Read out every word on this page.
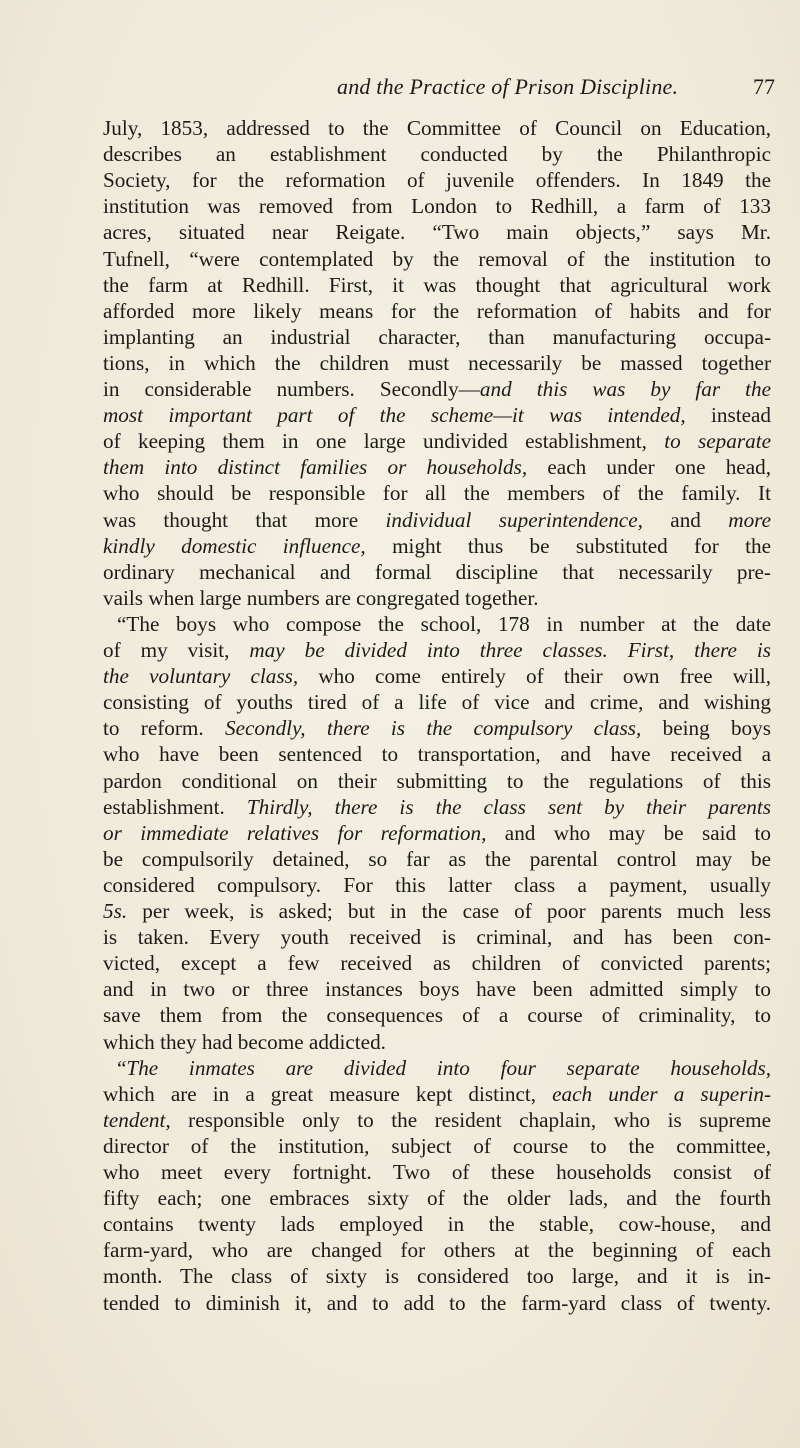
and the Practice of Prison Discipline.	77
July, 1853, addressed to the Committee of Council on Education,
describes an establishment conducted by the Philanthropic
Society, for the reformation of juvenile offenders. In 1849 the
institution was removed from London to Redhill, a farm of 133
acres, situated near Reigate. “Two main objects,” says Mr.
Tufnell, “were contemplated by the removal of the institution to
the farm at Redhill. First, it was thought that agricultural work
afforded more likely means for the reformation of habits and for
implanting an industrial character, than manufacturing occupa-
tions, in which the children must necessarily be massed together
in considerable numbers. Secondly—and this was by far the
most important part of the scheme—it was intended, instead
of keeping them in one large undivided establishment, to separate
them into distinct families or households, each under one head,
who should be responsible for all the members of the family. It
was thought that more individual superintendence, and more
kindly domestic influence, might thus be substituted for the
ordinary mechanical and formal discipline that necessarily pre-
vails when large numbers are congregated together.
“The boys who compose the school, 178 in number at the date
of my visit, may be divided into three classes. First, there is
the voluntary class, who come entirely of their own free will,
consisting of youths tired of a life of vice and crime, and wishing
to reform. Secondly, there is the compulsory class, being boys
who have been sentenced to transportation, and have received a
pardon conditional on their submitting to the regulations of this
establishment. Thirdly, there is the class sent by their parents
or immediate relatives for reformation, and who may be said to
be compulsorily detained, so far as the parental control may be
considered compulsory. For this latter class a payment, usually
5s. per week, is asked; but in the case of poor parents much less
is taken. Every youth received is criminal, and has been con-
victed, except a few received as children of convicted parents;
and in two or three instances boys have been admitted simply to
save them from the consequences of a course of criminality, to
which they had become addicted.
“The inmates are divided into four separate households,
which are in a great measure kept distinct, each under a superin-
tendent, responsible only to the resident chaplain, who is supreme
director of the institution, subject of course to the committee,
who meet every fortnight. Two of these households consist of
fifty each; one embraces sixty of the older lads, and the fourth
contains twenty lads employed in the stable, cow-house, and
farm-yard, who are changed for others at the beginning of each
month. The class of sixty is considered too large, and it is in-
tended to diminish it, and to add to the farm-yard class of twenty.
